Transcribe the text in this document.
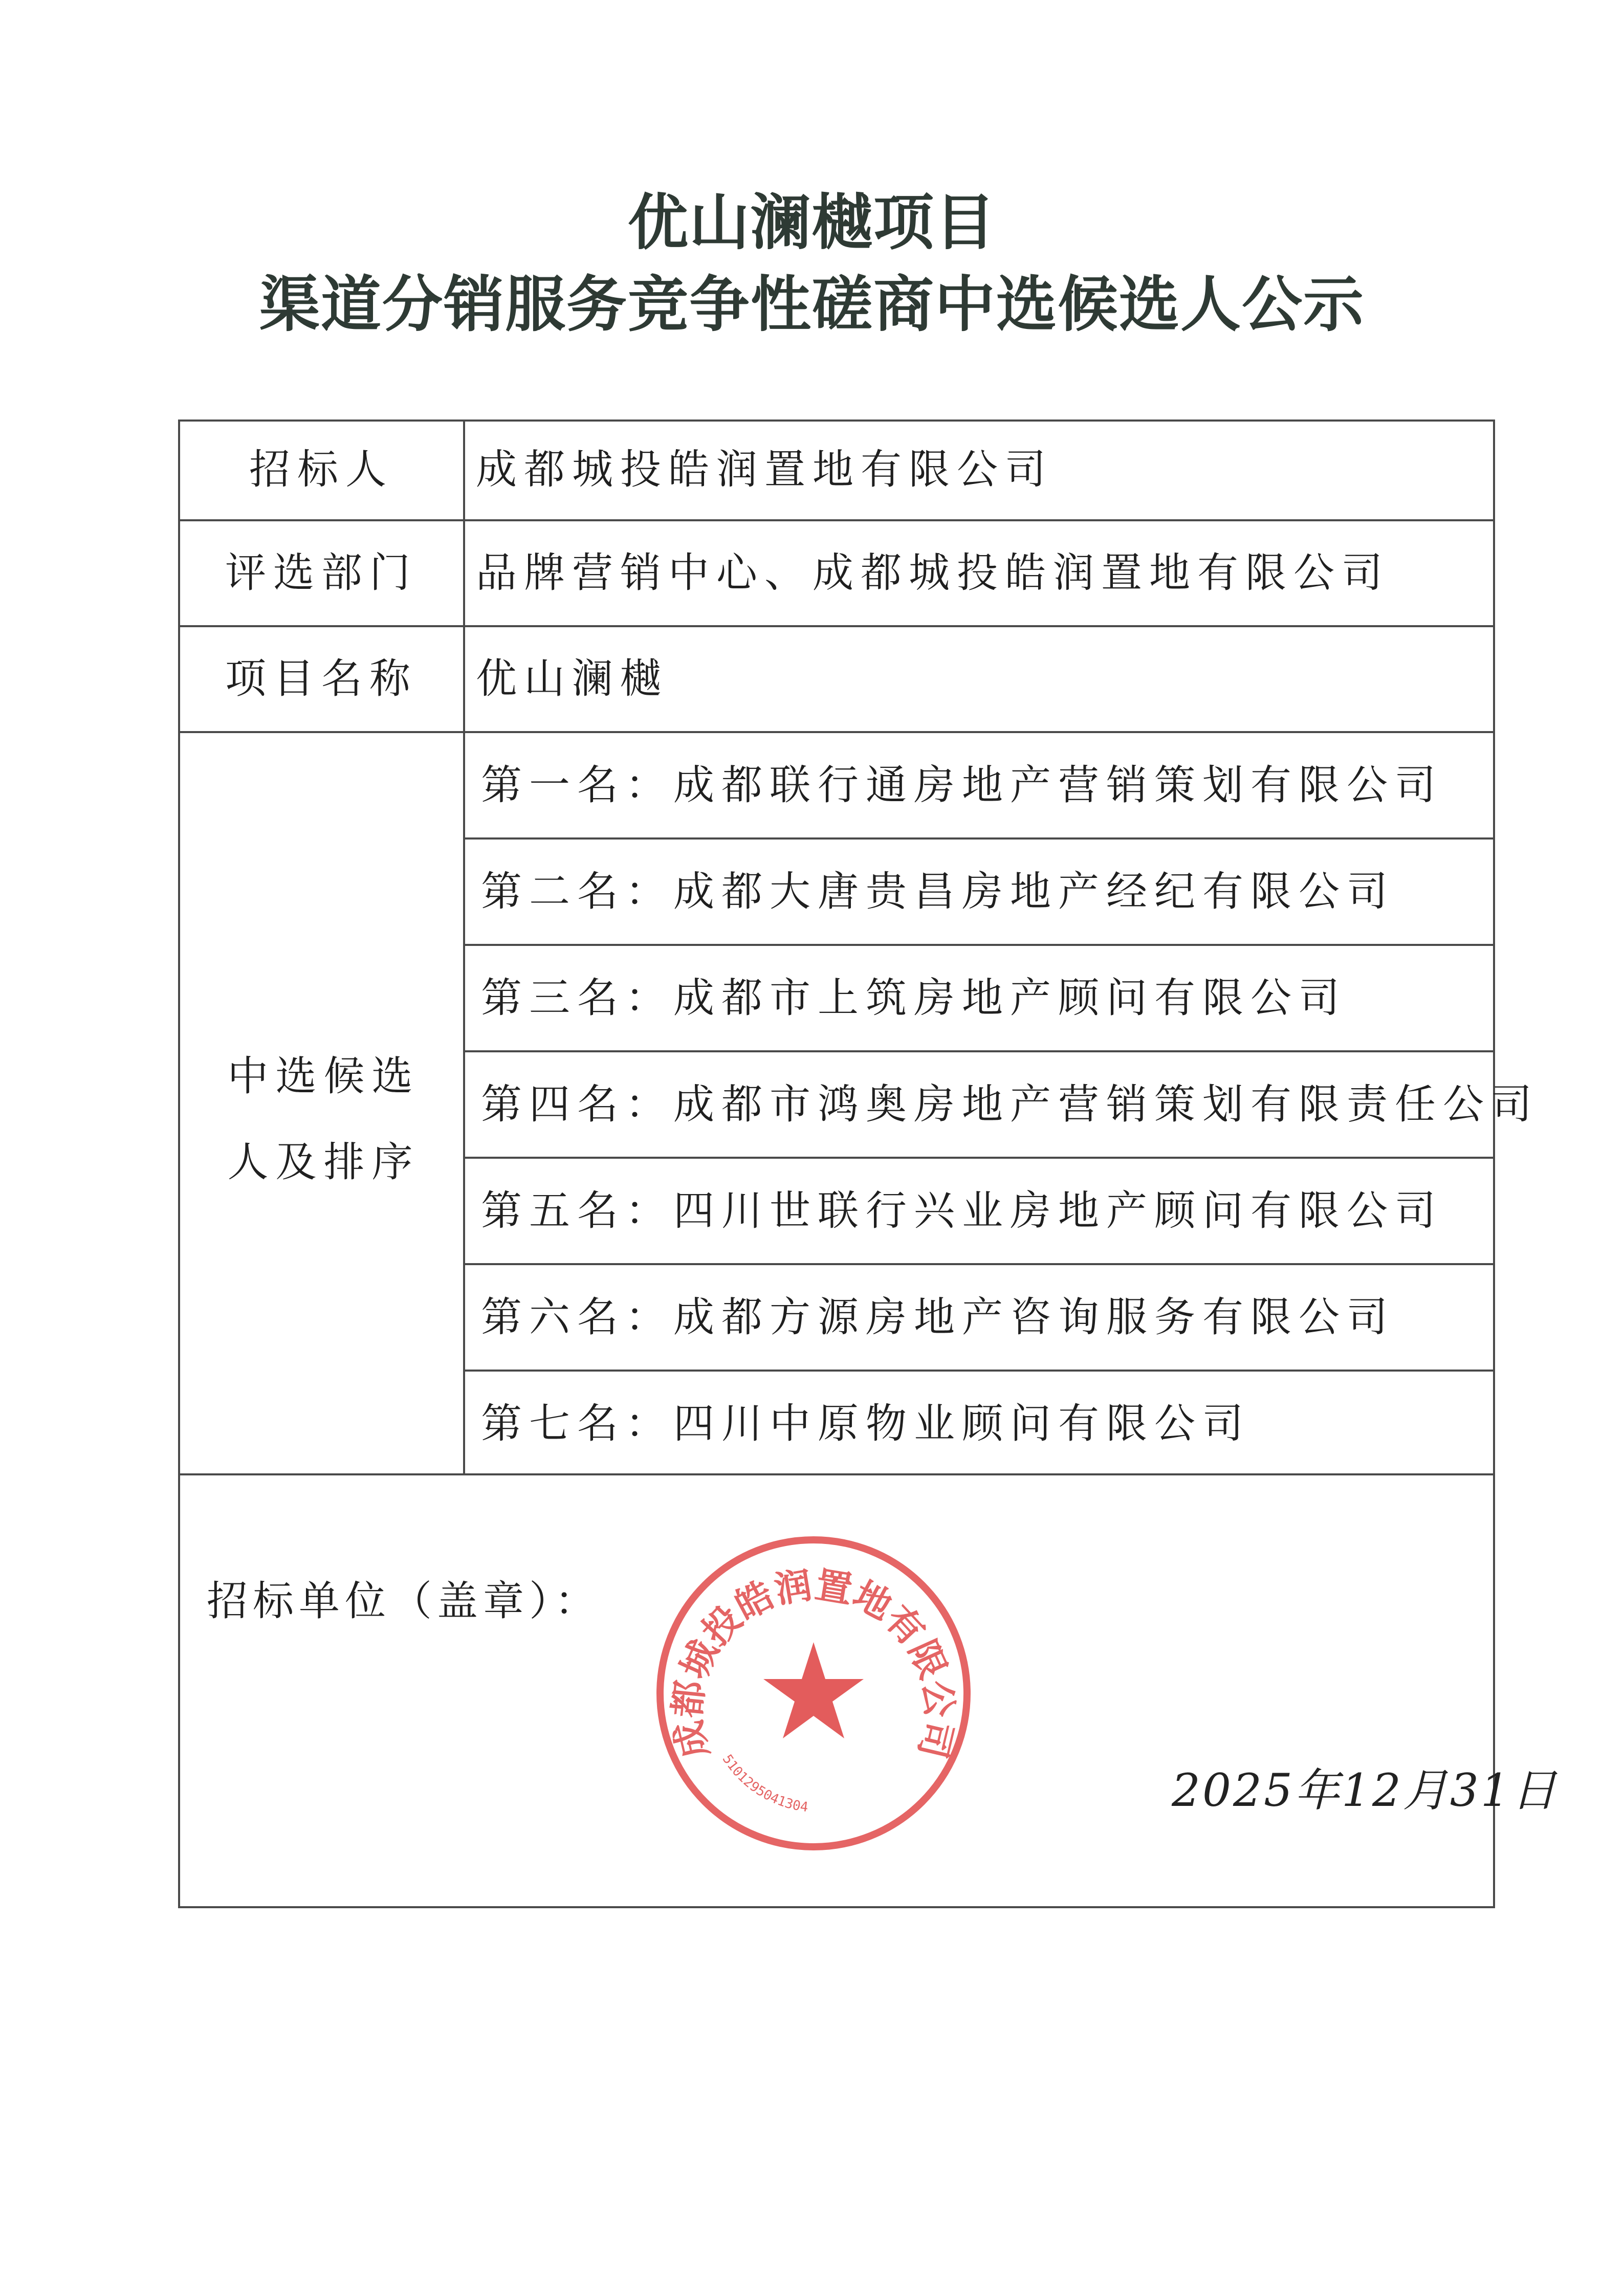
优山澜樾项目
渠道分销服务竞争性磋商中选候选人公示
招标人	成都城投皓润置地有限公司
评选部门	品牌营销中心、成都城投皓润置地有限公司
项目名称	优山澜樾
中选候选
人及排序
第一名：成都联行通房地产营销策划有限公司
第二名：成都大唐贵昌房地产经纪有限公司
第三名：成都市上筑房地产顾问有限公司
第四名：成都市鸿奥房地产营销策划有限责任公司
第五名：四川世联行兴业房地产顾问有限公司
第六名：成都方源房地产咨询服务有限公司
第七名：四川中原物业顾问有限公司
招标单位（盖章）：
成都城投皓润置地有限公司
5101295041304	2025年12月31日
